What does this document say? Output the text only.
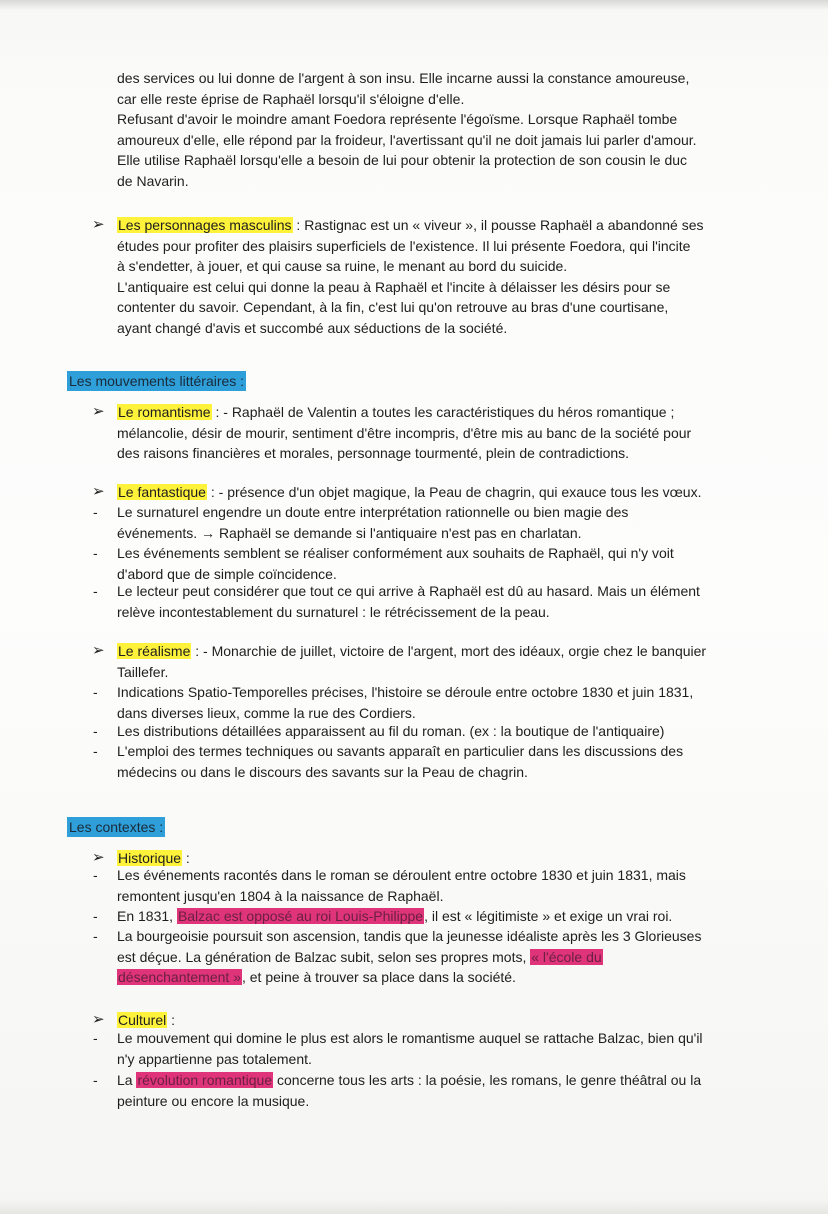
des services ou lui donne de l'argent à son insu. Elle incarne aussi la constance amoureuse,
car elle reste éprise de Raphaël lorsqu'il s'éloigne d'elle.
Refusant d'avoir le moindre amant Foedora représente l'égoïsme. Lorsque Raphaël tombe
amoureux d'elle, elle répond par la froideur, l'avertissant qu'il ne doit jamais lui parler d'amour.
Elle utilise Raphaël lorsqu'elle a besoin de lui pour obtenir la protection de son cousin le duc
de Navarin.
➢ Les personnages masculins : Rastignac est un « viveur », il pousse Raphaël a abandonné ses
études pour profiter des plaisirs superficiels de l'existence. Il lui présente Foedora, qui l'incite
à s'endetter, à jouer, et qui cause sa ruine, le menant au bord du suicide.
L'antiquaire est celui qui donne la peau à Raphaël et l'incite à délaisser les désirs pour se
contenter du savoir. Cependant, à la fin, c'est lui qu'on retrouve au bras d'une courtisane,
ayant changé d'avis et succombé aux séductions de la société.
Les mouvements littéraires :
➢ Le romantisme : - Raphaël de Valentin a toutes les caractéristiques du héros romantique ;
mélancolie, désir de mourir, sentiment d'être incompris, d'être mis au banc de la société pour
des raisons financières et morales, personnage tourmenté, plein de contradictions.
➢ Le fantastique : - présence d'un objet magique, la Peau de chagrin, qui exauce tous les vœux.
- Le surnaturel engendre un doute entre interprétation rationnelle ou bien magie des
événements. → Raphaël se demande si l'antiquaire n'est pas en charlatan.
- Les événements semblent se réaliser conformément aux souhaits de Raphaël, qui n'y voit
d'abord que de simple coïncidence.
- Le lecteur peut considérer que tout ce qui arrive à Raphaël est dû au hasard. Mais un élément
relève incontestablement du surnaturel : le rétrécissement de la peau.
➢ Le réalisme : - Monarchie de juillet, victoire de l'argent, mort des idéaux, orgie chez le banquier
Taillefer.
- Indications Spatio-Temporelles précises, l'histoire se déroule entre octobre 1830 et juin 1831,
dans diverses lieux, comme la rue des Cordiers.
- Les distributions détaillées apparaissent au fil du roman. (ex : la boutique de l'antiquaire)
- L'emploi des termes techniques ou savants apparaît en particulier dans les discussions des
médecins ou dans le discours des savants sur la Peau de chagrin.
Les contextes :
➢ Historique :
- Les événements racontés dans le roman se déroulent entre octobre 1830 et juin 1831, mais
remontent jusqu'en 1804 à la naissance de Raphaël.
- En 1831, Balzac est opposé au roi Louis-Philippe, il est « légitimiste » et exige un vrai roi.
- La bourgeoisie poursuit son ascension, tandis que la jeunesse idéaliste après les 3 Glorieuses
est déçue. La génération de Balzac subit, selon ses propres mots, « l'école du
désenchantement », et peine à trouver sa place dans la société.
➢ Culturel :
- Le mouvement qui domine le plus est alors le romantisme auquel se rattache Balzac, bien qu'il
n'y appartienne pas totalement.
- La révolution romantique concerne tous les arts : la poésie, les romans, le genre théâtral ou la
peinture ou encore la musique.
